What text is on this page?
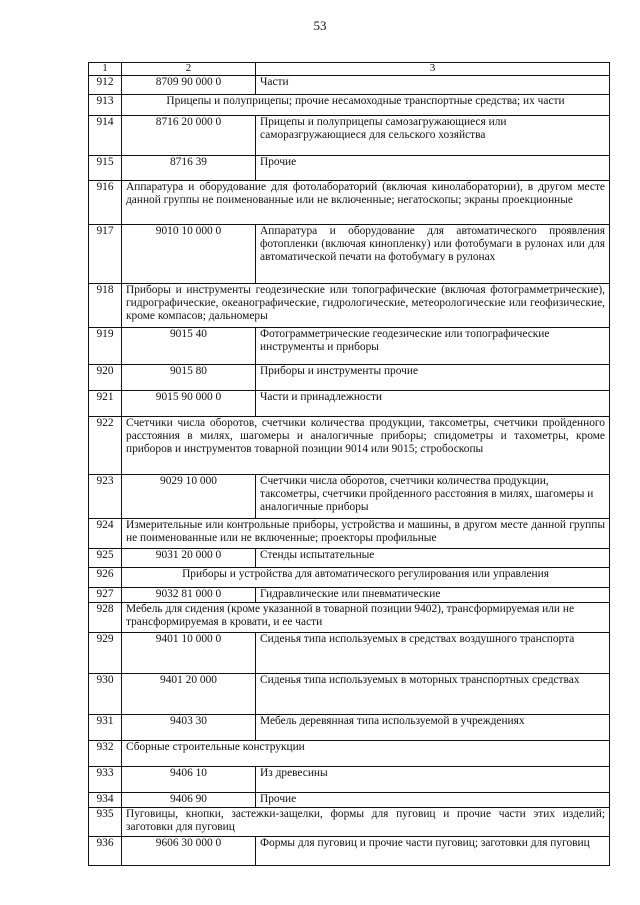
53
1	2	3
912	8709 90 000 0	Части
913	Прицепы и полуприцепы; прочие несамоходные транспортные средства; их части	
914	8716 20 000 0	Прицепы и полуприцепы самозагружающиеся или саморазгружающиеся для сельского хозяйства
915	8716 39	Прочие
916	Аппаратура и оборудование для фотолабораторий (включая кинолаборатории), в другом месте данной группы не поименованные или не включенные; негатоскопы; экраны проекционные	
917	9010 10 000 0	Аппаратура и оборудование для автоматического проявления фотопленки (включая кинопленку) или фотобумаги в рулонах или для автоматической печати на фотобумагу в рулонах
918	Приборы и инструменты геодезические или топографические (включая фотограмметрические), гидрографические, океанографические, гидрологические, метеорологические или геофизические, кроме компасов; дальномеры	
919	9015 40	Фотограмметрические геодезические или топографические инструменты и приборы
920	9015 80	Приборы и инструменты прочие
921	9015 90 000 0	Части и принадлежности
922	Счетчики числа оборотов, счетчики количества продукции, таксометры, счетчики пройденного расстояния в милях, шагомеры и аналогичные приборы; спидометры и тахометры, кроме приборов и инструментов товарной позиции 9014 или 9015; стробоскопы	
923	9029 10 000	Счетчики числа оборотов, счетчики количества продукции, таксометры, счетчики пройденного расстояния в милях, шагомеры и аналогичные приборы
924	Измерительные или контрольные приборы, устройства и машины, в другом месте данной группы не поименованные или не включенные; проекторы профильные	
925	9031 20 000 0	Стенды испытательные
926	Приборы и устройства для автоматического регулирования или управления	
927	9032 81 000 0	Гидравлические или пневматические
928	Мебель для сидения (кроме указанной в товарной позиции 9402), трансформируемая или не трансформируемая в кровати, и ее части	
929	9401 10 000 0	Сиденья типа используемых в средствах воздушного транспорта
930	9401 20 000	Сиденья типа используемых в моторных транспортных средствах
931	9403 30	Мебель деревянная типа используемой в учреждениях
932	Сборные строительные конструкции	
933	9406 10	Из древесины
934	9406 90	Прочие
935	Пуговицы, кнопки, застежки-защелки, формы для пуговиц и прочие части этих изделий; заготовки для пуговиц	
936	9606 30 000 0	Формы для пуговиц и прочие части пуговиц; заготовки для пуговиц
